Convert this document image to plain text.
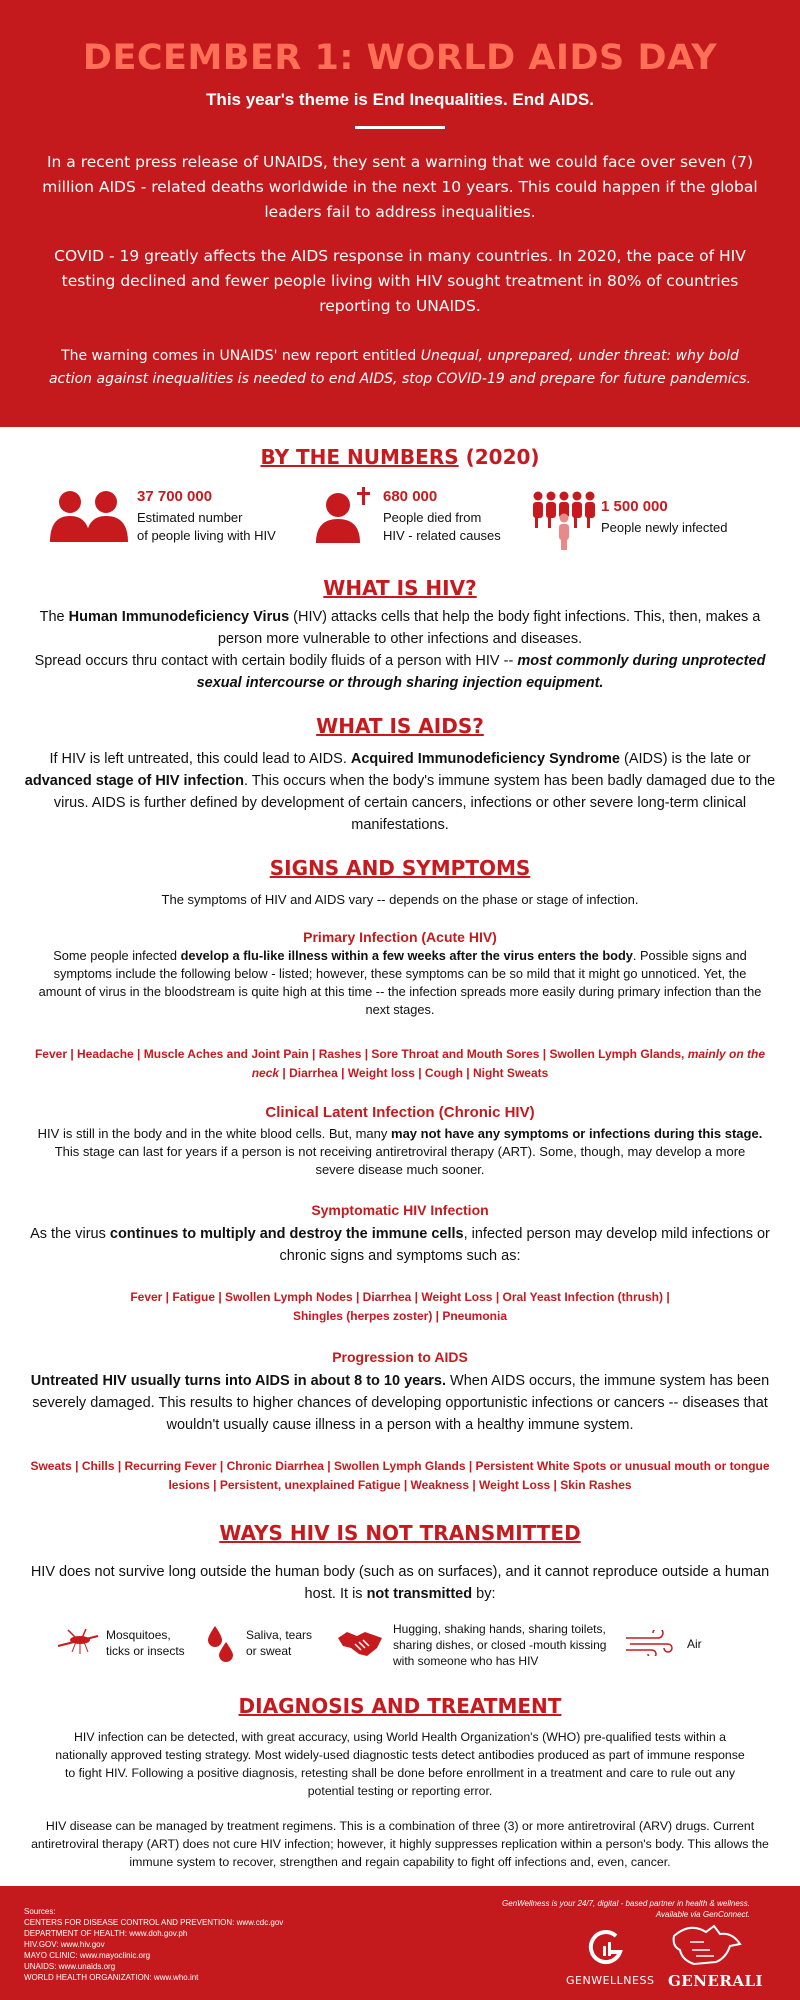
DECEMBER 1: WORLD AIDS DAY
This year's theme is End Inequalities. End AIDS.

In a recent press release of UNAIDS, they sent a warning that we could face over seven (7) million AIDS - related deaths worldwide in the next 10 years. This could happen if the global leaders fail to address inequalities.

COVID - 19 greatly affects the AIDS response in many countries. In 2020, the pace of HIV testing declined and fewer people living with HIV sought treatment in 80% of countries reporting to UNAIDS.

The warning comes in UNAIDS' new report entitled Unequal, unprepared, under threat: why bold action against inequalities is needed to end AIDS, stop COVID-19 and prepare for future pandemics.

BY THE NUMBERS (2020)
37 700 000
Estimated number
of people living with HIV
680 000
People died from
HIV - related causes
1 500 000
People newly infected
WHAT IS HIV?

The Human Immunodeficiency Virus (HIV) attacks cells that help the body fight infections. This, then, makes a person more vulnerable to other infections and diseases.
Spread occurs thru contact with certain bodily fluids of a person with HIV -- most commonly during unprotected sexual intercourse or through sharing injection equipment.

WHAT IS AIDS?

If HIV is left untreated, this could lead to AIDS. Acquired Immunodeficiency Syndrome (AIDS) is the late or advanced stage of HIV infection. This occurs when the body's immune system has been badly damaged due to the virus. AIDS is further defined by development of certain cancers, infections or other severe long-term clinical manifestations.

SIGNS AND SYMPTOMS

The symptoms of HIV and AIDS vary -- depends on the phase or stage of infection.

Primary Infection (Acute HIV)

Some people infected develop a flu-like illness within a few weeks after the virus enters the body. Possible signs and symptoms include the following below - listed; however, these symptoms can be so mild that it might go unnoticed. Yet, the amount of virus in the bloodstream is quite high at this time -- the infection spreads more easily during primary infection than the next stages.

Fever | Headache | Muscle Aches and Joint Pain | Rashes | Sore Throat and Mouth Sores | Swollen Lymph Glands, mainly on the neck | Diarrhea | Weight loss | Cough | Night Sweats

Clinical Latent Infection (Chronic HIV)

HIV is still in the body and in the white blood cells. But, many may not have any symptoms or infections during this stage. This stage can last for years if a person is not receiving antiretroviral therapy (ART). Some, though, may develop a more severe disease much sooner.

Symptomatic HIV Infection

As the virus continues to multiply and destroy the immune cells, infected person may develop mild infections or chronic signs and symptoms such as:

Fever | Fatigue | Swollen Lymph Nodes | Diarrhea | Weight Loss | Oral Yeast Infection (thrush) | Shingles (herpes zoster) | Pneumonia

Progression to AIDS

Untreated HIV usually turns into AIDS in about 8 to 10 years. When AIDS occurs, the immune system has been severely damaged. This results to higher chances of developing opportunistic infections or cancers -- diseases that wouldn't usually cause illness in a person with a healthy immune system.

Sweats | Chills | Recurring Fever | Chronic Diarrhea | Swollen Lymph Glands | Persistent White Spots or unusual mouth or tongue lesions | Persistent, unexplained Fatigue | Weakness | Weight Loss | Skin Rashes

WAYS HIV IS NOT TRANSMITTED

HIV does not survive long outside the human body (such as on surfaces), and it cannot reproduce outside a human host. It is not transmitted by:

Mosquitoes,
ticks or insects
Saliva, tears
or sweat
Hugging, shaking hands, sharing toilets,
sharing dishes, or closed -mouth kissing
with someone who has HIV
Air
DIAGNOSIS AND TREATMENT

HIV infection can be detected, with great accuracy, using World Health Organization's (WHO) pre-qualified tests within a nationally approved testing strategy. Most widely-used diagnostic tests detect antibodies produced as part of immune response to fight HIV. Following a positive diagnosis, retesting shall be done before enrollment in a treatment and care to rule out any potential testing or reporting error.

HIV disease can be managed by treatment regimens. This is a combination of three (3) or more antiretroviral (ARV) drugs. Current antiretroviral therapy (ART) does not cure HIV infection; however, it highly suppresses replication within a person's body. This allows the immune system to recover, strengthen and regain capability to fight off infections and, even, cancer.

Sources:
CENTERS FOR DISEASE CONTROL AND PREVENTION: www.cdc.gov
DEPARTMENT OF HEALTH: www.doh.gov.ph
HIV.GOV: www.hiv.gov
MAYO CLINIC: www.mayoclinic.org
UNAIDS: www.unaids.org
WORLD HEALTH ORGANIZATION: www.who.int
GenWellness is your 24/7, digital - based partner in health & wellness.
Available via GenConnect.
GENWELLNESS GENERALI
